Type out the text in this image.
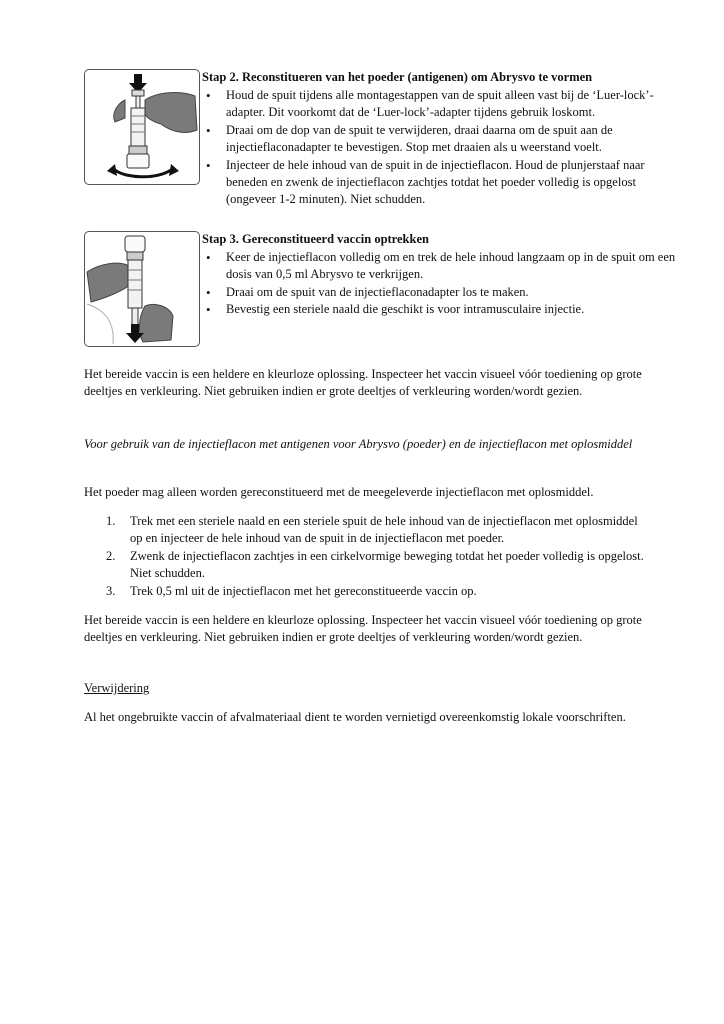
Stap 2. Reconstitueren van het poeder (antigenen) om Abrysvo te vormen

• Houd de spuit tijdens alle montagestappen van de spuit alleen vast bij de ‘Luer-lock’-adapter. Dit voorkomt dat de ‘Luer-lock’-adapter tijdens gebruik loskomt.
• Draai om de dop van de spuit te verwijderen, draai daarna om de spuit aan de injectieflaconadapter te bevestigen. Stop met draaien als u weerstand voelt.
• Injecteer de hele inhoud van de spuit in de injectieflacon. Houd de plunjerstaaf naar beneden en zwenk de injectieflacon zachtjes totdat het poeder volledig is opgelost (ongeveer 1-2 minuten). Niet schudden.

Stap 3. Gereconstitueerd vaccin optrekken

• Keer de injectieflacon volledig om en trek de hele inhoud langzaam op in de spuit om een dosis van 0,5 ml Abrysvo te verkrijgen.
• Draai om de spuit van de injectieflaconadapter los te maken.
• Bevestig een steriele naald die geschikt is voor intramusculaire injectie.

Het bereide vaccin is een heldere en kleurloze oplossing. Inspecteer het vaccin visueel vóór toediening op grote deeltjes en verkleuring. Niet gebruiken indien er grote deeltjes of verkleuring worden/wordt gezien.

Voor gebruik van de injectieflacon met antigenen voor Abrysvo (poeder) en de injectieflacon met oplosmiddel

Het poeder mag alleen worden gereconstitueerd met de meegeleverde injectieflacon met oplosmiddel.

1. Trek met een steriele naald en een steriele spuit de hele inhoud van de injectieflacon met oplosmiddel op en injecteer de hele inhoud van de spuit in de injectieflacon met poeder.
2. Zwenk de injectieflacon zachtjes in een cirkelvormige beweging totdat het poeder volledig is opgelost. Niet schudden.
3. Trek 0,5 ml uit de injectieflacon met het gereconstitueerde vaccin op.

Het bereide vaccin is een heldere en kleurloze oplossing. Inspecteer het vaccin visueel vóór toediening op grote deeltjes en verkleuring. Niet gebruiken indien er grote deeltjes of verkleuring worden/wordt gezien.

Verwijdering

Al het ongebruikte vaccin of afvalmateriaal dient te worden vernietigd overeenkomstig lokale voorschriften.
